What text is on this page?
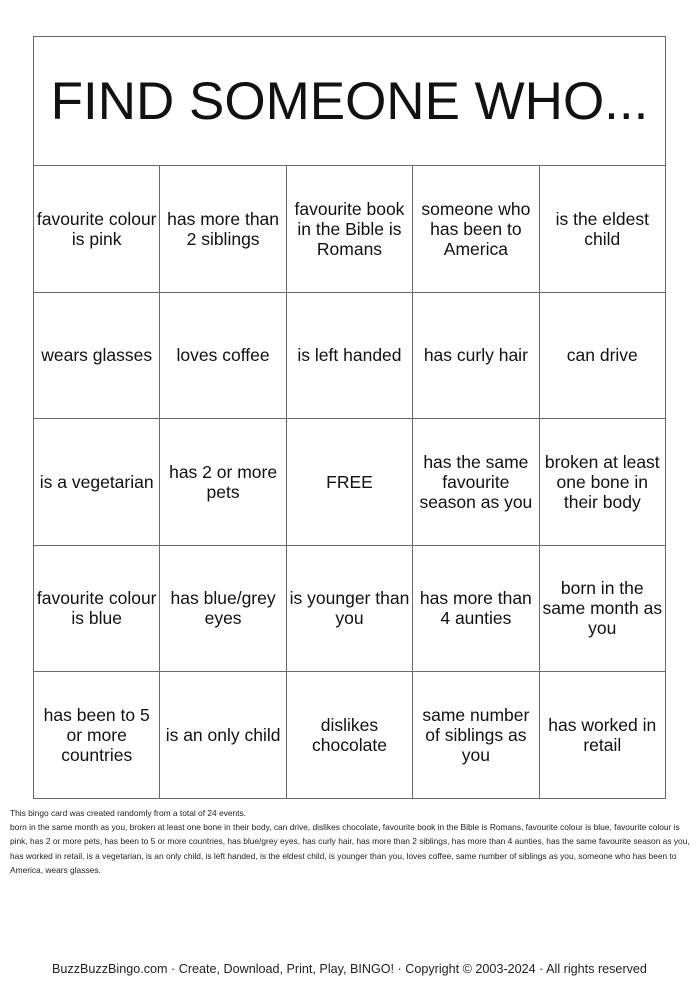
FIND SOMEONE WHO...				
favourite colour is pink	has more than 2 siblings	favourite book in the Bible is Romans	someone who has been to America	is the eldest child
wears glasses	loves coffee	is left handed	has curly hair	can drive
is a vegetarian	has 2 or more pets	FREE	has the same favourite season as you	broken at least one bone in their body
favourite colour is blue	has blue/grey eyes	is younger than you	has more than 4 aunties	born in the same month as you
has been to 5 or more countries	is an only child	dislikes chocolate	same number of siblings as you	has worked in retail
This bingo card was created randomly from a total of 24 events.
born in the same month as you, broken at least one bone in their body, can drive, dislikes chocolate, favourite book in the Bible is Romans, favourite colour is blue, favourite colour is pink, has 2 or more pets, has been to 5 or more countries, has blue/grey eyes, has curly hair, has more than 2 siblings, has more than 4 aunties, has the same favourite season as you, has worked in retail, is a vegetarian, is an only child, is left handed, is the eldest child, is younger than you, loves coffee, same number of siblings as you, someone who has been to America, wears glasses.
BuzzBuzzBingo.com · Create, Download, Print, Play, BINGO! · Copyright © 2003-2024 · All rights reserved
